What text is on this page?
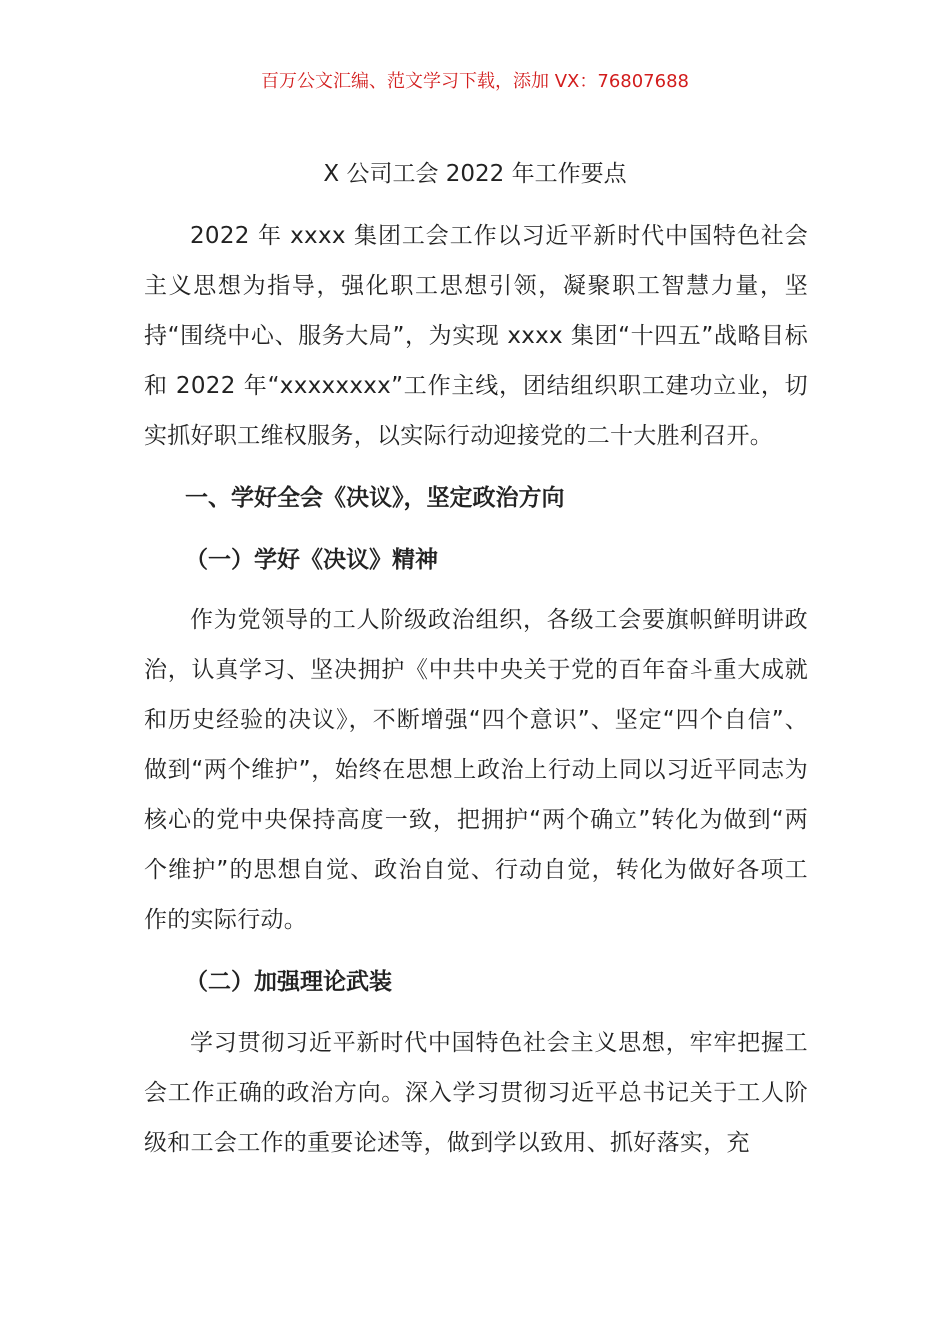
百万公文汇编、范文学习下载，添加 VX：76807688
X 公司工会 2022 年工作要点

2022 年 xxxx 集团工会工作以习近平新时代中国特色社会主义思想为指导，强化职工思想引领，凝聚职工智慧力量，坚持“围绕中心、服务大局”，为实现 xxxx 集团“十四五”战略目标和 2022 年“xxxxxxxx”工作主线，团结组织职工建功立业，切实抓好职工维权服务，以实际行动迎接党的二十大胜利召开。

一、学好全会《决议》，坚定政治方向
（一）学好《决议》精神

作为党领导的工人阶级政治组织，各级工会要旗帜鲜明讲政治，认真学习、坚决拥护《中共中央关于党的百年奋斗重大成就和历史经验的决议》，不断增强“四个意识”、坚定“四个自信”、做到“两个维护”，始终在思想上政治上行动上同以习近平同志为核心的党中央保持高度一致，把拥护“两个确立”转化为做到“两个维护”的思想自觉、政治自觉、行动自觉，转化为做好各项工作的实际行动。

（二）加强理论武装

学习贯彻习近平新时代中国特色社会主义思想，牢牢把握工会工作正确的政治方向。深入学习贯彻习近平总书记关于工人阶级和工会工作的重要论述等，做到学以致用、抓好落实，充
